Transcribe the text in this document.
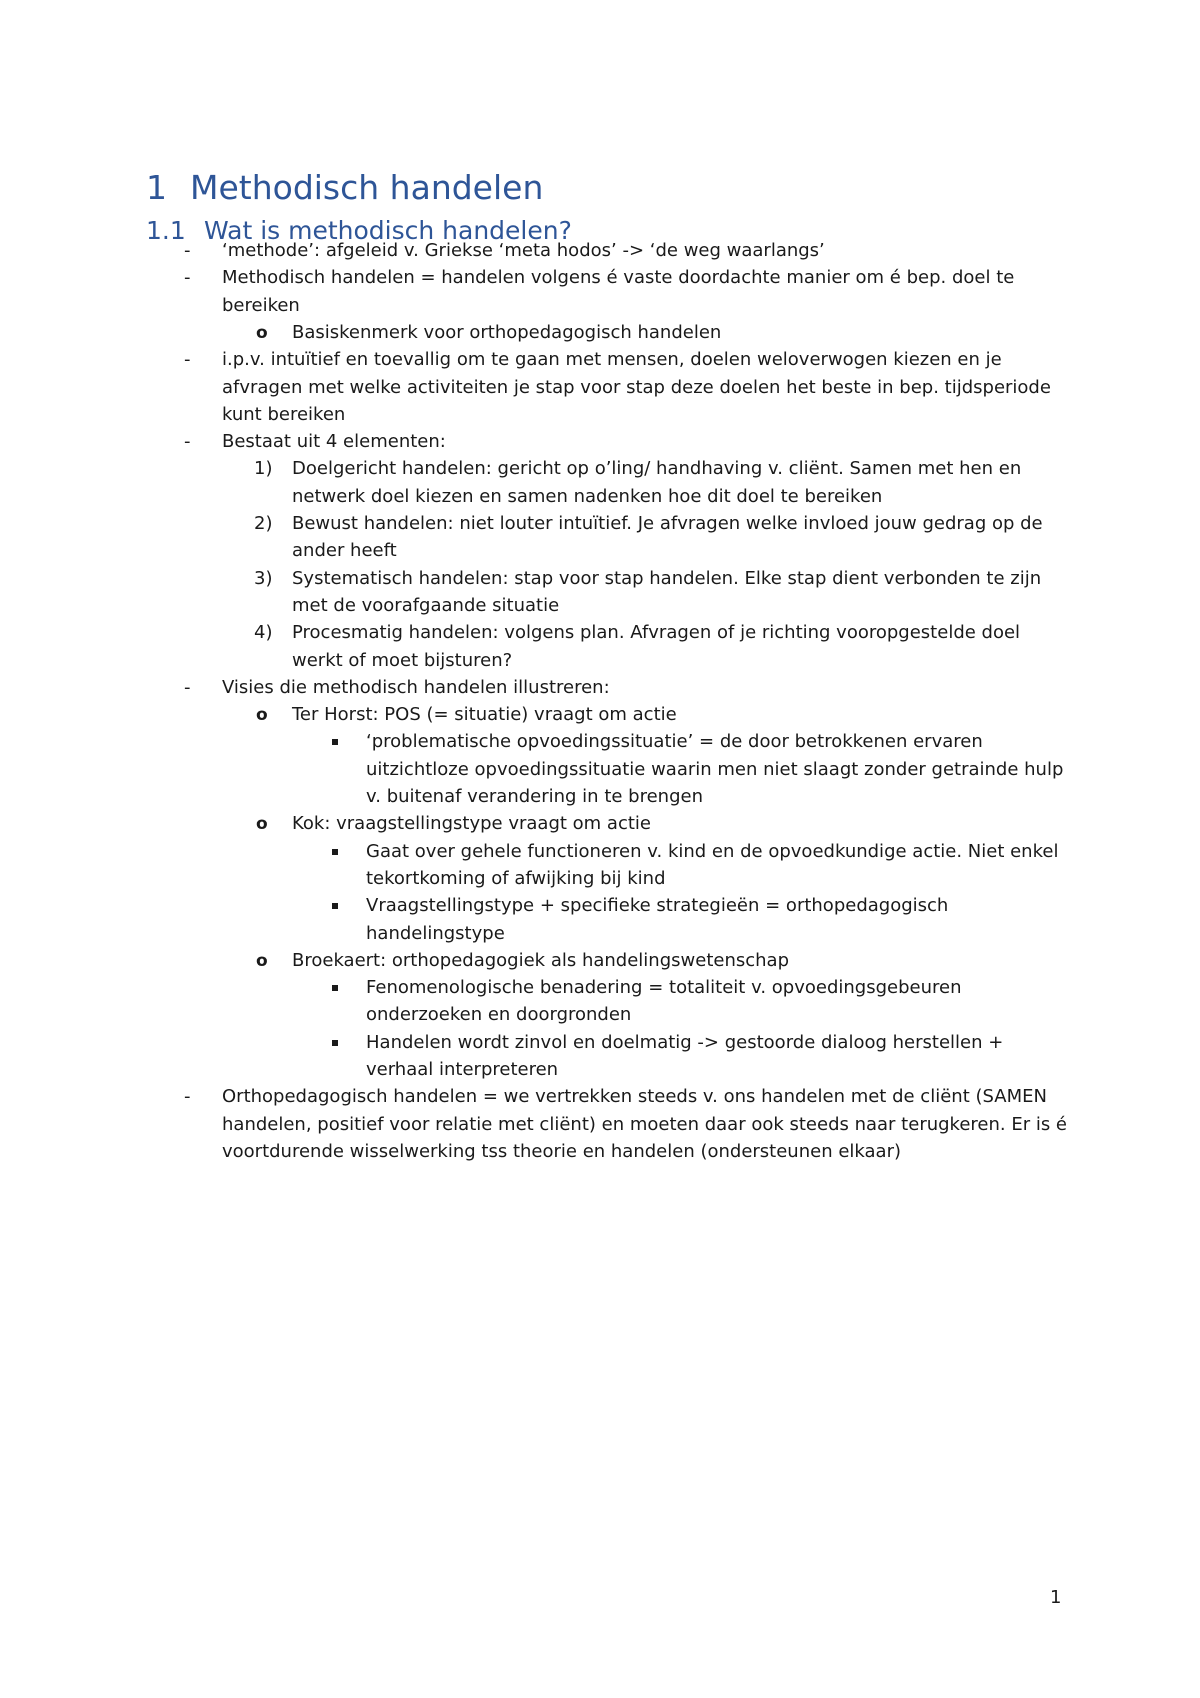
1 Methodisch handelen
1.1 Wat is methodisch handelen?
- ‘methode’: afgeleid v. Griekse ‘meta hodos’ -> ‘de weg waarlangs’
- Methodisch handelen = handelen volgens é vaste doordachte manier om é bep. doel te
bereiken
o Basiskenmerk voor orthopedagogisch handelen
- i.p.v. intuïtief en toevallig om te gaan met mensen, doelen weloverwogen kiezen en je
afvragen met welke activiteiten je stap voor stap deze doelen het beste in bep. tijdsperiode
kunt bereiken
- Bestaat uit 4 elementen:
1) Doelgericht handelen: gericht op o’ling/ handhaving v. cliënt. Samen met hen en
netwerk doel kiezen en samen nadenken hoe dit doel te bereiken
2) Bewust handelen: niet louter intuïtief. Je afvragen welke invloed jouw gedrag op de
ander heeft
3) Systematisch handelen: stap voor stap handelen. Elke stap dient verbonden te zijn
met de voorafgaande situatie
4) Procesmatig handelen: volgens plan. Afvragen of je richting vooropgestelde doel
werkt of moet bijsturen?
- Visies die methodisch handelen illustreren:
o Ter Horst: POS (= situatie) vraagt om actie
‘problematische opvoedingssituatie’ = de door betrokkenen ervaren
uitzichtloze opvoedingssituatie waarin men niet slaagt zonder getrainde hulp
v. buitenaf verandering in te brengen
o Kok: vraagstellingstype vraagt om actie
Gaat over gehele functioneren v. kind en de opvoedkundige actie. Niet enkel
tekortkoming of afwijking bij kind
Vraagstellingstype + specifieke strategieën = orthopedagogisch
handelingstype
o Broekaert: orthopedagogiek als handelingswetenschap
Fenomenologische benadering = totaliteit v. opvoedingsgebeuren
onderzoeken en doorgronden
Handelen wordt zinvol en doelmatig -> gestoorde dialoog herstellen +
verhaal interpreteren
- Orthopedagogisch handelen = we vertrekken steeds v. ons handelen met de cliënt (SAMEN
handelen, positief voor relatie met cliënt) en moeten daar ook steeds naar terugkeren. Er is é
voortdurende wisselwerking tss theorie en handelen (ondersteunen elkaar)
1
